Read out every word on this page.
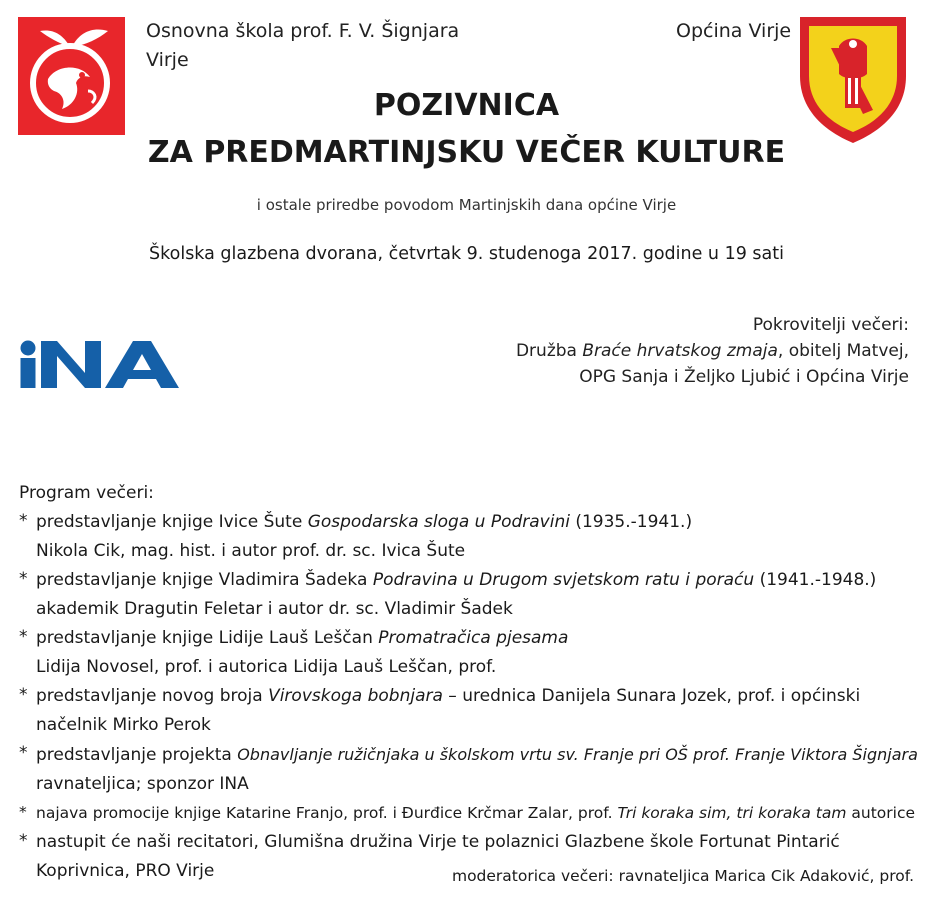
Osnovna škola prof. F. V. Šignjara
Virje
Općina Virje
POZIVNICA
ZA PREDMARTINJSKU VEČER KULTURE
i ostale priredbe povodom Martinjskih dana općine Virje
Školska glazbena dvorana, četvrtak 9. studenoga 2017. godine u 19 sati
INA
Pokrovitelji večeri:
Družba Braće hrvatskog zmaja, obitelj Matvej,
OPG Sanja i Željko Ljubić i Općina Virje
Program večeri:
* predstavljanje knjige Ivice Šute Gospodarska sloga u Podravini (1935.-1941.)
Nikola Cik, mag. hist. i autor prof. dr. sc. Ivica Šute
* predstavljanje knjige Vladimira Šadeka Podravina u Drugom svjetskom ratu i poraću (1941.-1948.)
akademik Dragutin Feletar i autor dr. sc. Vladimir Šadek
* predstavljanje knjige Lidije Lauš Leščan Promatračica pjesama
Lidija Novosel, prof. i autorica Lidija Lauš Leščan, prof.
* predstavljanje novog broja Virovskoga bobnjara – urednica Danijela Sunara Jozek, prof. i općinski
načelnik Mirko Perok
* predstavljanje projekta Obnavljanje ružičnjaka u školskom vrtu sv. Franje pri OŠ prof. Franje Viktora Šignjara
ravnateljica; sponzor INA
* najava promocije knjige Katarine Franjo, prof. i Đurđice Krčmar Zalar, prof. Tri koraka sim, tri koraka tam autorice
* nastupit će naši recitatori, Glumišna družina Virje te polaznici Glazbene škole Fortunat Pintarić
Koprivnica, PRO Virje	moderatorica večeri: ravnateljica Marica Cik Adaković, prof.
